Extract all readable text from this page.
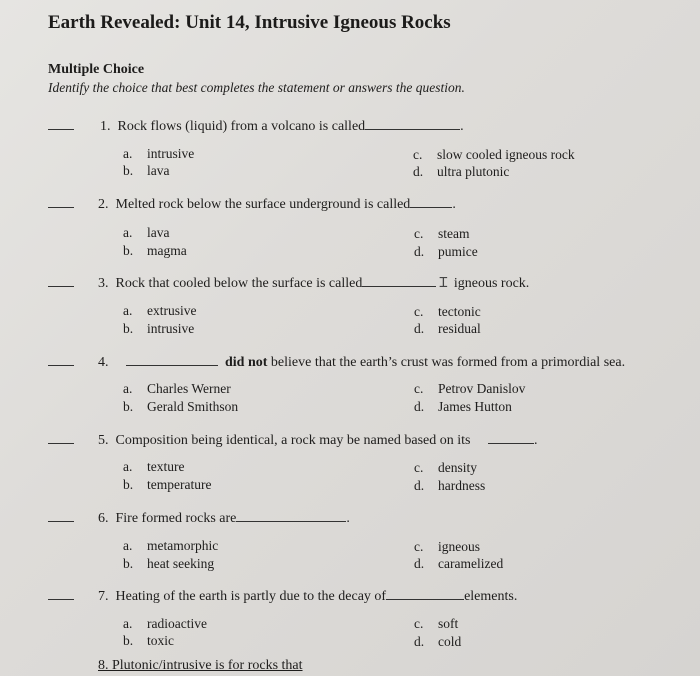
Earth Revealed: Unit 14, Intrusive Igneous Rocks
Multiple Choice
Identify the choice that best completes the statement or answers the question.
1. Rock flows (liquid) from a volcano is called	.
a. intrusive
b. lava
c. slow cooled igneous rock
d. ultra plutonic
2. Melted rock below the surface underground is called	.
a. lava
b. magma
c. steam
d. pumice
3. Rock that cooled below the surface is called	Ɪ igneous rock.
a. extrusive
b. intrusive
c. tectonic
d. residual
4.	did not believe that the earth’s crust was formed from a primordial sea.
a. Charles Werner
b. Gerald Smithson
c. Petrov Danislov
d. James Hutton
5. Composition being identical, a rock may be named based on its	.
a. texture
b. temperature
c. density
d. hardness
6. Fire formed rocks are	.
a. metamorphic
b. heat seeking
c. igneous
d. caramelized
7. Heating of the earth is partly due to the decay of	elements.
a. radioactive
b. toxic
c. soft
d. cold
8. Plutonic/intrusive is for rocks that
